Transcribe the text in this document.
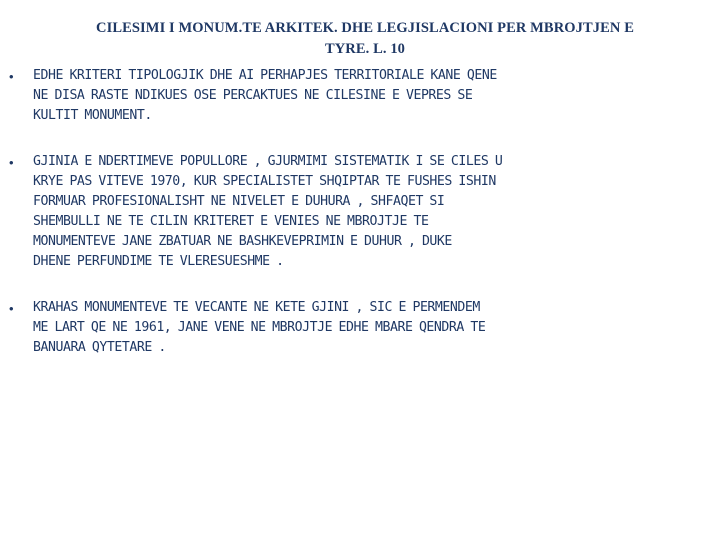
CILESIMI I MONUM.TE ARKITEK. DHE LEGJISLACIONI PER MBROJTJEN E
TYRE. L. 10
• EDHE KRITERI TIPOLOGJIK DHE AI PERHAPJES TERRITORIALE KANE QENE
NE DISA RASTE NDIKUES OSE PERCAKTUES NE CILESINE E VEPRES SE
KULTIT MONUMENT.
• GJINIA E NDERTIMEVE POPULLORE , GJURMIMI SISTEMATIK I SE CILES U
KRYE PAS VITEVE 1970, KUR SPECIALISTET SHQIPTAR TE FUSHES ISHIN
FORMUAR PROFESIONALISHT NE NIVELET E DUHURA , SHFAQET SI
SHEMBULLI NE TE CILIN KRITERET E VENIES NE MBROJTJE TE
MONUMENTEVE JANE ZBATUAR NE BASHKEVEPRIMIN E DUHUR , DUKE
DHENE PERFUNDIME TE VLERESUESHME .
• KRAHAS MONUMENTEVE TE VECANTE NE KETE GJINI , SIC E PERMENDEM
ME LART QE NE 1961, JANE VENE NE MBROJTJE EDHE MBARE QENDRA TE
BANUARA QYTETARE .
